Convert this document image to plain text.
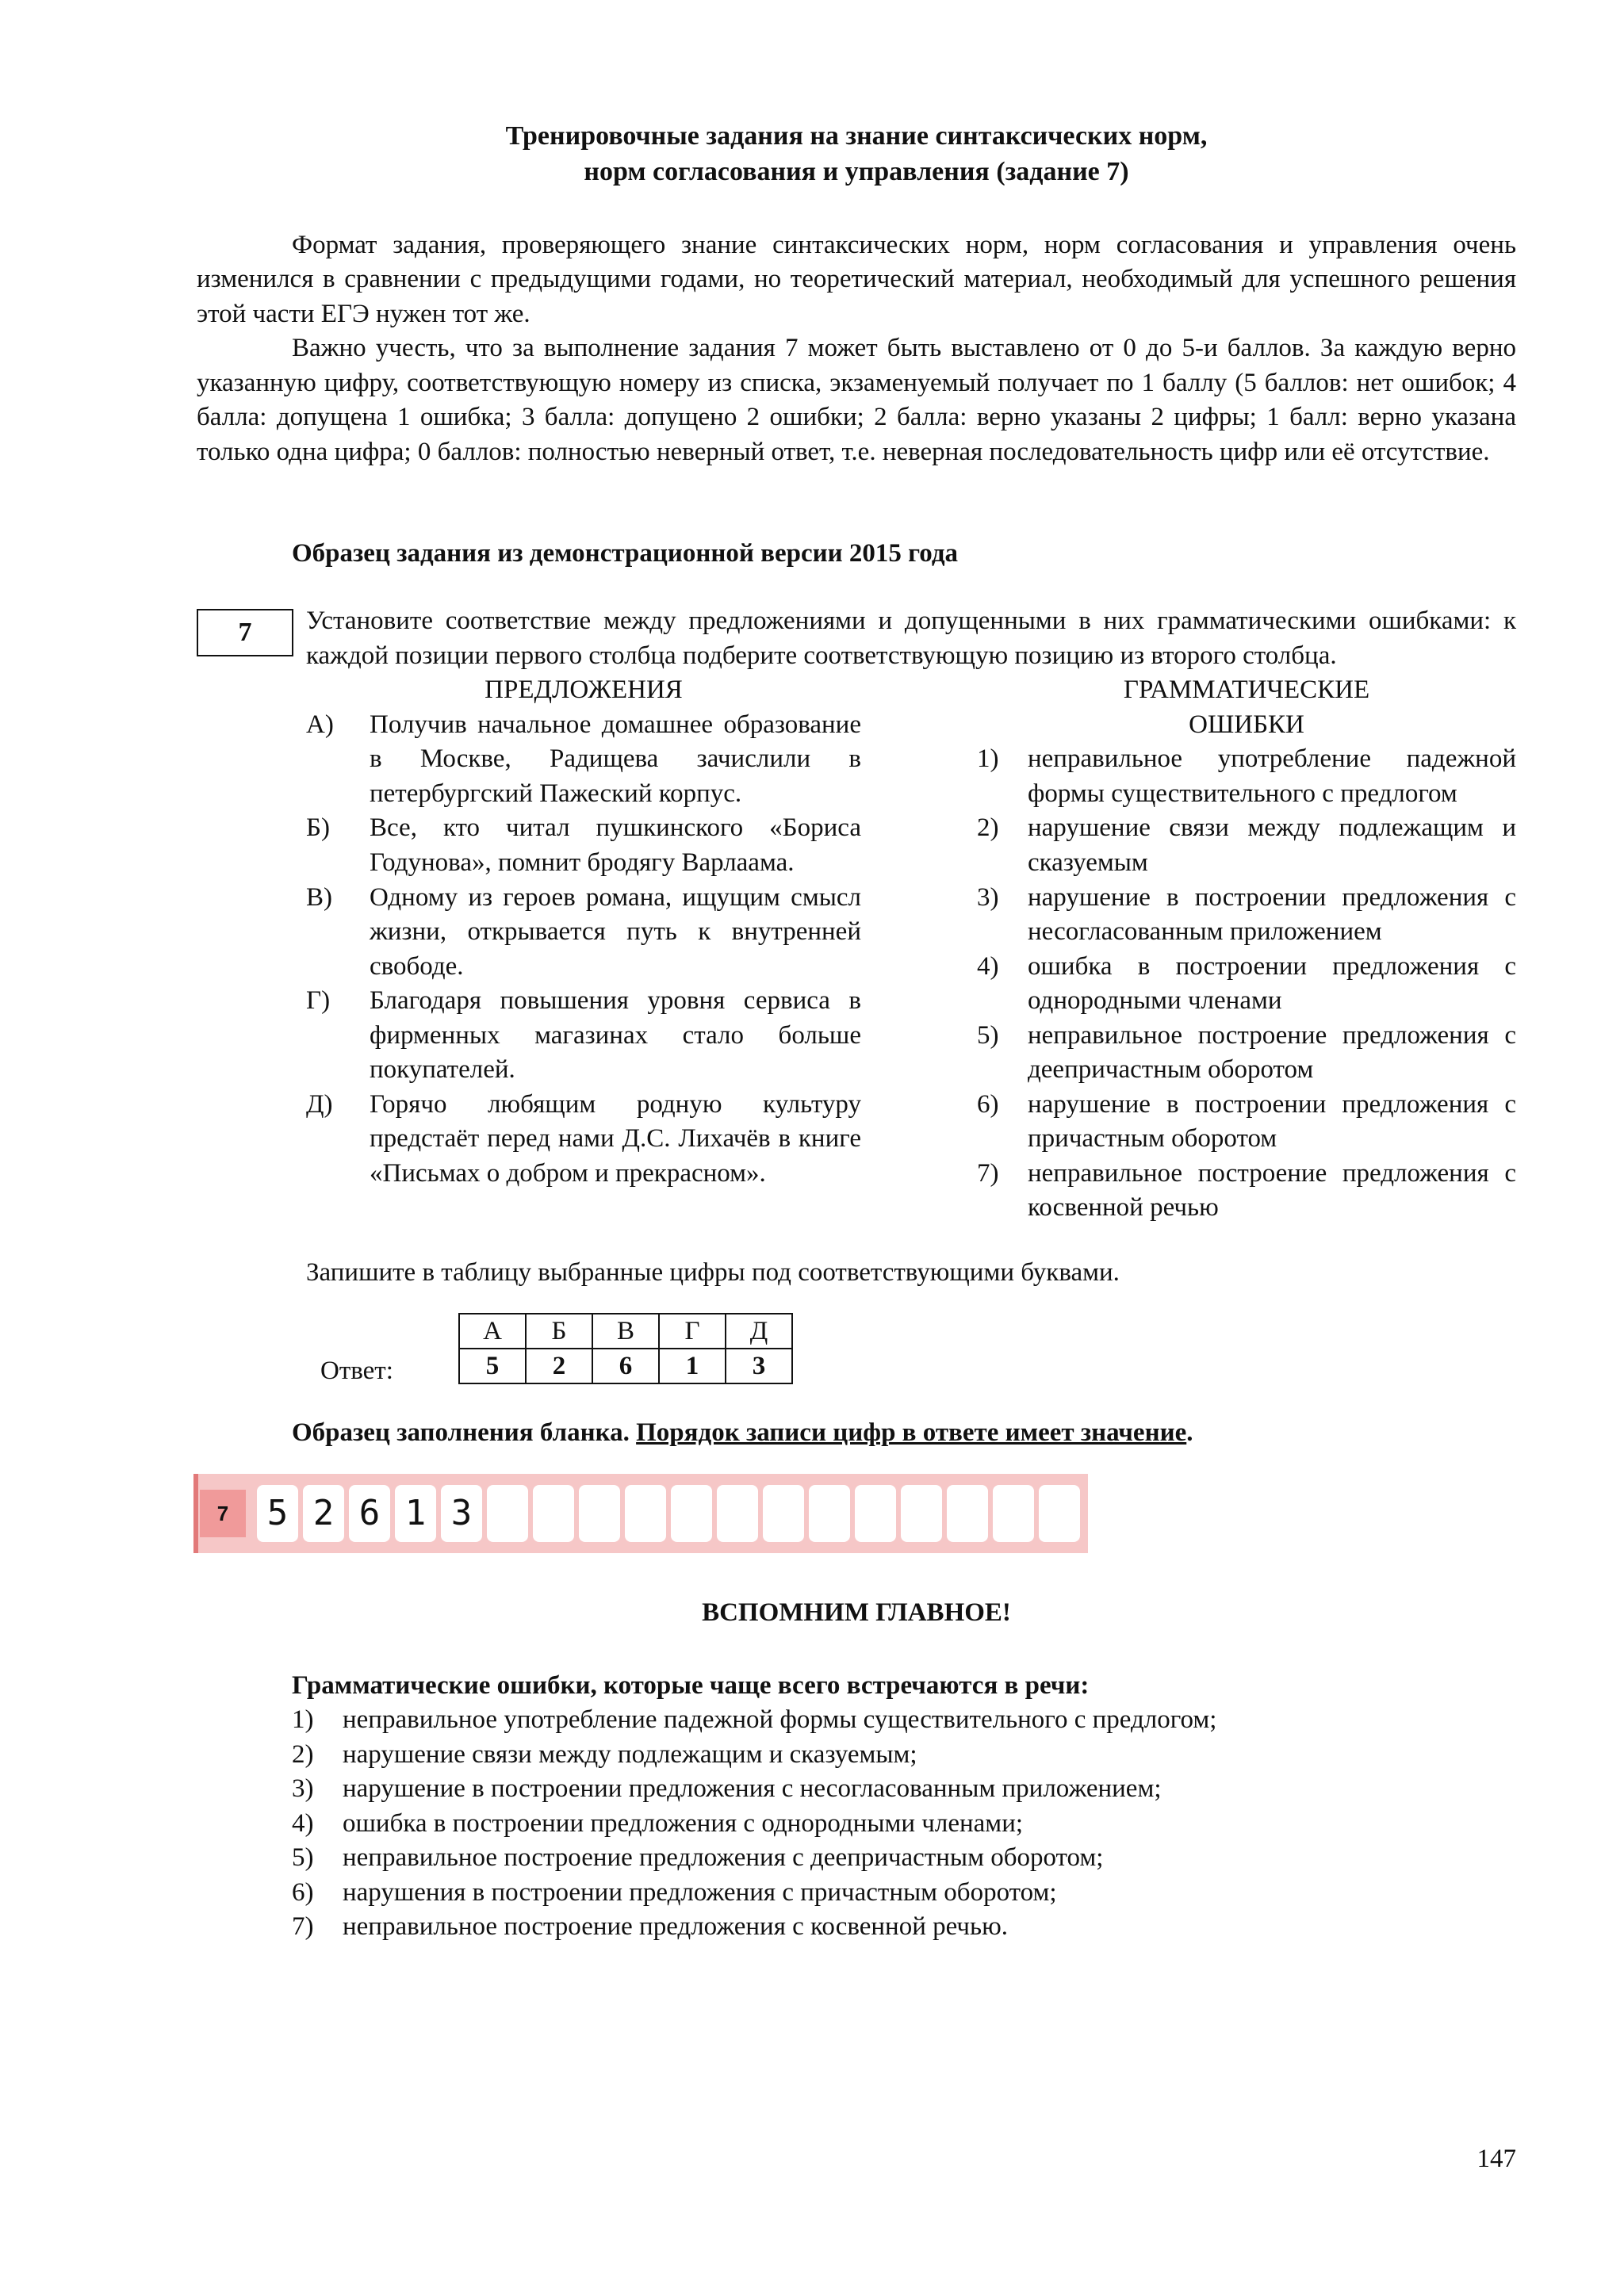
Тренировочные задания на знание синтаксических норм,

норм согласования и управления (задание 7)

Формат задания, проверяющего знание синтаксических норм, норм согласования и управления очень изменился в сравнении с предыдущими годами, но теоретический материал, необходимый для успешного решения этой части ЕГЭ нужен тот же.

Важно учесть, что за выполнение задания 7 может быть выставлено от 0 до 5-и баллов. За каждую верно указанную цифру, соответствующую номеру из списка, экзаменуемый получает по 1 баллу (5 баллов: нет ошибок; 4 балла: допущена 1 ошибка; 3 балла: допущено 2 ошибки; 2 балла: верно указаны 2 цифры; 1 балл: верно указана только одна цифра; 0 баллов: полностью неверный ответ, т.е. неверная последовательность цифр или её отсутствие.

Образец задания из демонстрационной версии 2015 года

7	Установите соответствие между предложениями и допущенными в них грамматическими ошибками: к каждой позиции первого столбца подберите соответствующую позицию из второго столбца.

ПРЕДЛОЖЕНИЯ

А)	Получив начальное домашнее образование в Москве, Радищева зачислили в петербургский Пажеский корпус.
Б)	Все, кто читал пушкинского «Бориса Годунова», помнит бродягу Варлаама.
В)	Одному из героев романа, ищущим смысл жизни, открывается путь к внутренней свободе.
Г)	Благодаря повышения уровня сервиса в фирменных магазинах стало больше покупателей.
Д)	Горячо любящим родную культуру предстаёт перед нами Д.С. Лихачёв в книге «Письмах о добром и прекрасном».

ГРАММАТИЧЕСКИЕ

ОШИБКИ

1)	неправильное употребление падежной формы существительного с предлогом
2)	нарушение связи между подлежащим и сказуемым
3)	нарушение в построении предложения с несогласованным приложением
4)	ошибка в построении предложения с однородными членами
5)	неправильное построение предложения с деепричастным оборотом
6)	нарушение в построении предложения с причастным оборотом
7)	неправильное построение предложения с косвенной речью

Запишите в таблицу выбранные цифры под соответствующими буквами.

Ответ:
А	Б	В	Г	Д
5	2	6	1	3

Образец заполнения бланка. Порядок записи цифр в ответе имеет значение.

7	5 2 6 1 3

ВСПОМНИМ ГЛАВНОЕ!

Грамматические ошибки, которые чаще всего встречаются в речи:

1)	неправильное употребление падежной формы существительного с предлогом;
2)	нарушение связи между подлежащим и сказуемым;
3)	нарушение в построении предложения с несогласованным приложением;
4)	ошибка в построении предложения с однородными членами;
5)	неправильное построение предложения с деепричастным оборотом;
6)	нарушения в построении предложения с причастным оборотом;
7)	неправильное построение предложения с косвенной речью.
147
